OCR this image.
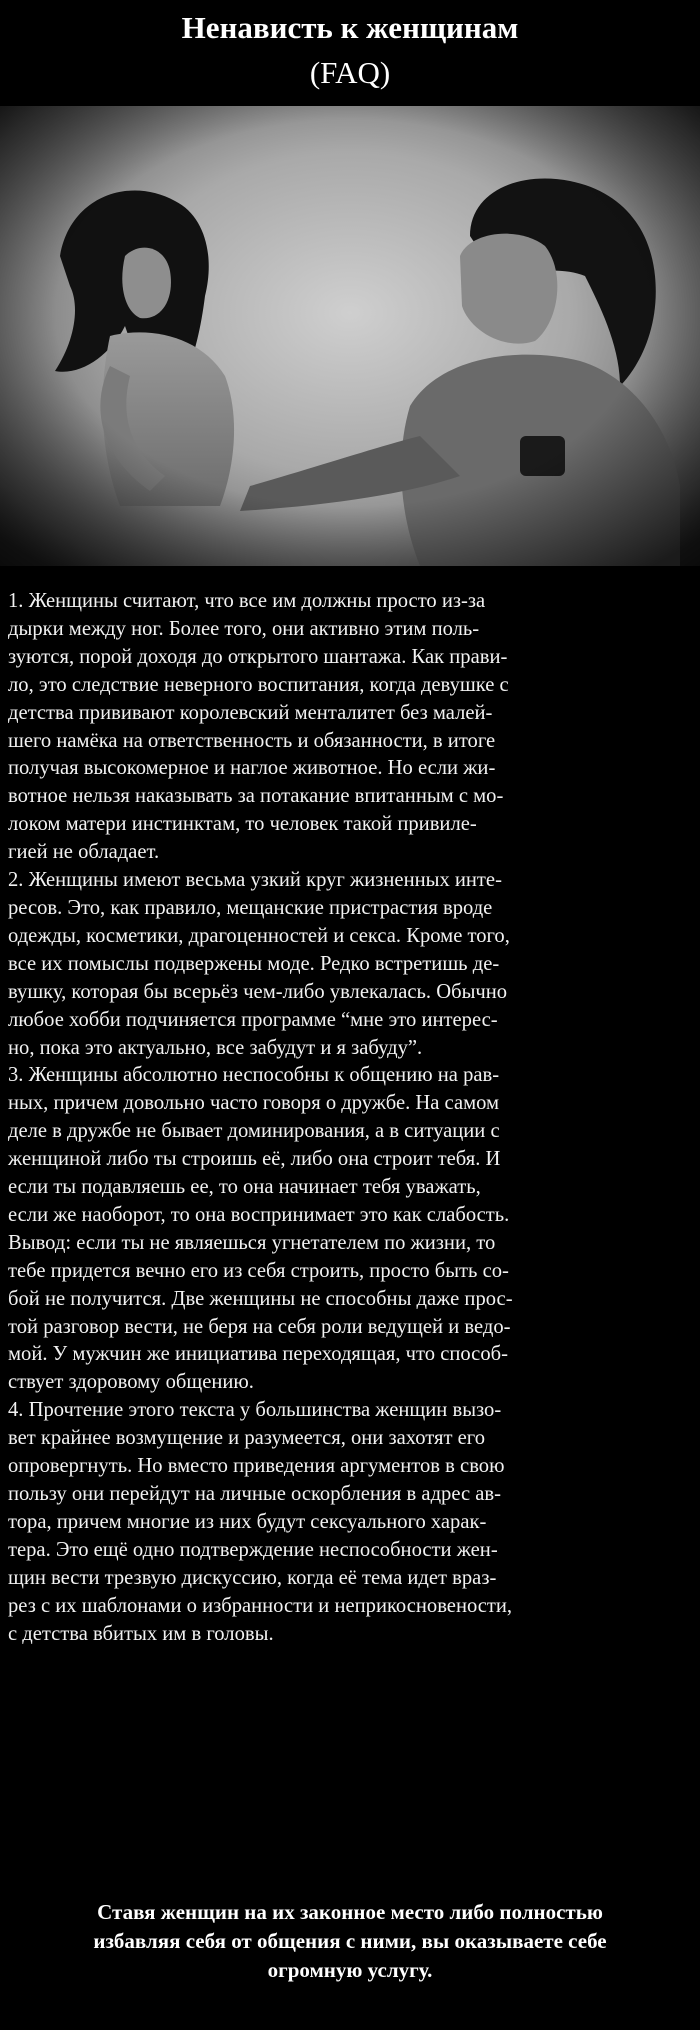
Ненависть к женщинам
(FAQ)
1. Женщины считают, что все им должны просто из-за
дырки между ног. Более того, они активно этим поль-
зуются, порой доходя до открытого шантажа. Как прави-
ло, это следствие неверного воспитания, когда девушке с
детства прививают королевский менталитет без малей-
шего намёка на ответственность и обязанности, в итоге
получая высокомерное и наглое животное. Но если жи-
вотное нельзя наказывать за потакание впитанным с мо-
локом матери инстинктам, то человек такой привиле-
гией не обладает.
2. Женщины имеют весьма узкий круг жизненных инте-
ресов. Это, как правило, мещанские пристрастия вроде
одежды, косметики, драгоценностей и секса. Кроме того,
все их помыслы подвержены моде. Редко встретишь де-
вушку, которая бы всерьёз чем-либо увлекалась. Обычно
любое хобби подчиняется программе “мне это интерес-
но, пока это актуально, все забудут и я забуду”.
3. Женщины абсолютно неспособны к общению на рав-
ных, причем довольно часто говоря о дружбе. На самом
деле в дружбе не бывает доминирования, а в ситуации с
женщиной либо ты строишь её, либо она строит тебя. И
если ты подавляешь ее, то она начинает тебя уважать,
если же наоборот, то она воспринимает это как слабость.
Вывод: если ты не являешься угнетателем по жизни, то
тебе придется вечно его из себя строить, просто быть со-
бой не получится. Две женщины не способны даже прос-
той разговор вести, не беря на себя роли ведущей и ведо-
мой. У мужчин же инициатива переходящая, что способ-
ствует здоровому общению.
4. Прочтение этого текста у большинства женщин вызо-
вет крайнее возмущение и разумеется, они захотят его
опровергнуть. Но вместо приведения аргументов в свою
пользу они перейдут на личные оскорбления в адрес ав-
тора, причем многие из них будут сексуального харак-
тера. Это ещё одно подтверждение неспособности жен-
щин вести трезвую дискуссию, когда её тема идет враз-
рез с их шаблонами о избранности и неприкосновености,
с детства вбитых им в головы.
Ставя женщин на их законное место либо полностью
избавляя себя от общения с ними, вы оказываете себе
огромную услугу.
